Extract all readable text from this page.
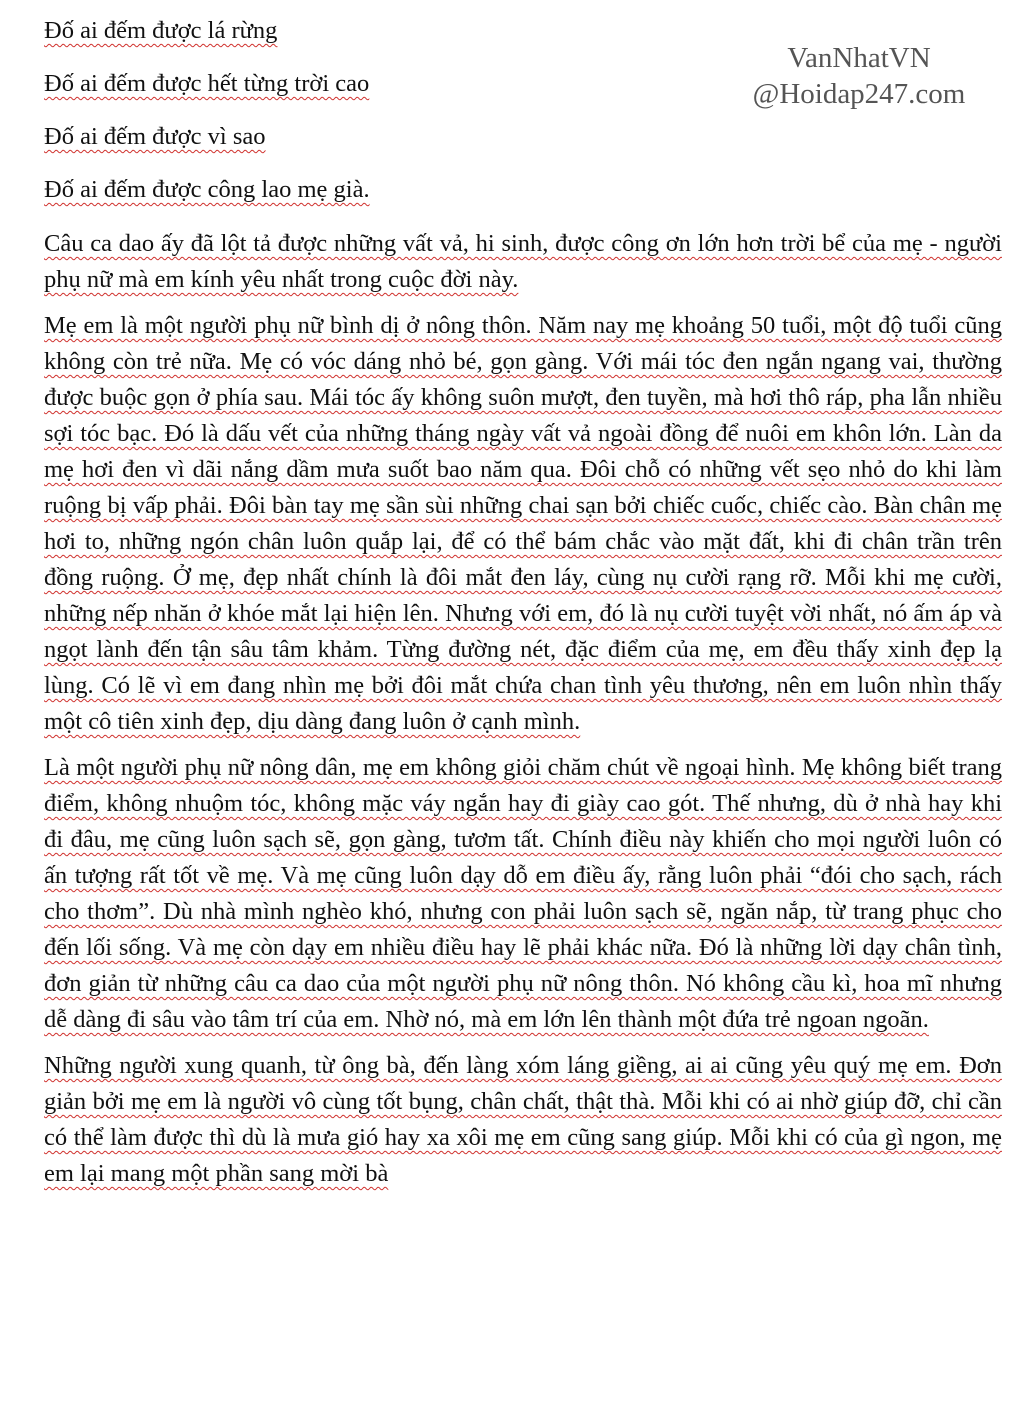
VanNhatVN
@Hoidap247.com

Đố ai đếm được lá rừng

Đố ai đếm được hết từng trời cao

Đố ai đếm được vì sao

Đố ai đếm được công lao mẹ già.

Câu ca dao ấy đã lột tả được những vất vả, hi sinh, được công ơn lớn hơn trời bể của mẹ - người phụ nữ mà em kính yêu nhất trong cuộc đời này.

Mẹ em là một người phụ nữ bình dị ở nông thôn. Năm nay mẹ khoảng 50 tuổi, một độ tuổi cũng không còn trẻ nữa. Mẹ có vóc dáng nhỏ bé, gọn gàng. Với mái tóc đen ngắn ngang vai, thường được buộc gọn ở phía sau. Mái tóc ấy không suôn mượt, đen tuyền, mà hơi thô ráp, pha lẫn nhiều sợi tóc bạc. Đó là dấu vết của những tháng ngày vất vả ngoài đồng để nuôi em khôn lớn. Làn da mẹ hơi đen vì dãi nắng dầm mưa suốt bao năm qua. Đôi chỗ có những vết sẹo nhỏ do khi làm ruộng bị vấp phải. Đôi bàn tay mẹ sần sùi những chai sạn bởi chiếc cuốc, chiếc cào. Bàn chân mẹ hơi to, những ngón chân luôn quắp lại, để có thể bám chắc vào mặt đất, khi đi chân trần trên đồng ruộng. Ở mẹ, đẹp nhất chính là đôi mắt đen láy, cùng nụ cười rạng rỡ. Mỗi khi mẹ cười, những nếp nhăn ở khóe mắt lại hiện lên. Nhưng với em, đó là nụ cười tuyệt vời nhất, nó ấm áp và ngọt lành đến tận sâu tâm khảm. Từng đường nét, đặc điểm của mẹ, em đều thấy xinh đẹp lạ lùng. Có lẽ vì em đang nhìn mẹ bởi đôi mắt chứa chan tình yêu thương, nên em luôn nhìn thấy một cô tiên xinh đẹp, dịu dàng đang luôn ở cạnh mình.

Là một người phụ nữ nông dân, mẹ em không giỏi chăm chút về ngoại hình. Mẹ không biết trang điểm, không nhuộm tóc, không mặc váy ngắn hay đi giày cao gót. Thế nhưng, dù ở nhà hay khi đi đâu, mẹ cũng luôn sạch sẽ, gọn gàng, tươm tất. Chính điều này khiến cho mọi người luôn có ấn tượng rất tốt về mẹ. Và mẹ cũng luôn dạy dỗ em điều ấy, rằng luôn phải “đói cho sạch, rách cho thơm”. Dù nhà mình nghèo khó, nhưng con phải luôn sạch sẽ, ngăn nắp, từ trang phục cho đến lối sống. Và mẹ còn dạy em nhiều điều hay lẽ phải khác nữa. Đó là những lời dạy chân tình, đơn giản từ những câu ca dao của một người phụ nữ nông thôn. Nó không cầu kì, hoa mĩ nhưng dễ dàng đi sâu vào tâm trí của em. Nhờ nó, mà em lớn lên thành một đứa trẻ ngoan ngoãn.

Những người xung quanh, từ ông bà, đến làng xóm láng giềng, ai ai cũng yêu quý mẹ em. Đơn giản bởi mẹ em là người vô cùng tốt bụng, chân chất, thật thà. Mỗi khi có ai nhờ giúp đỡ, chỉ cần có thể làm được thì dù là mưa gió hay xa xôi mẹ em cũng sang giúp. Mỗi khi có của gì ngon, mẹ em lại mang một phần sang mời bà
